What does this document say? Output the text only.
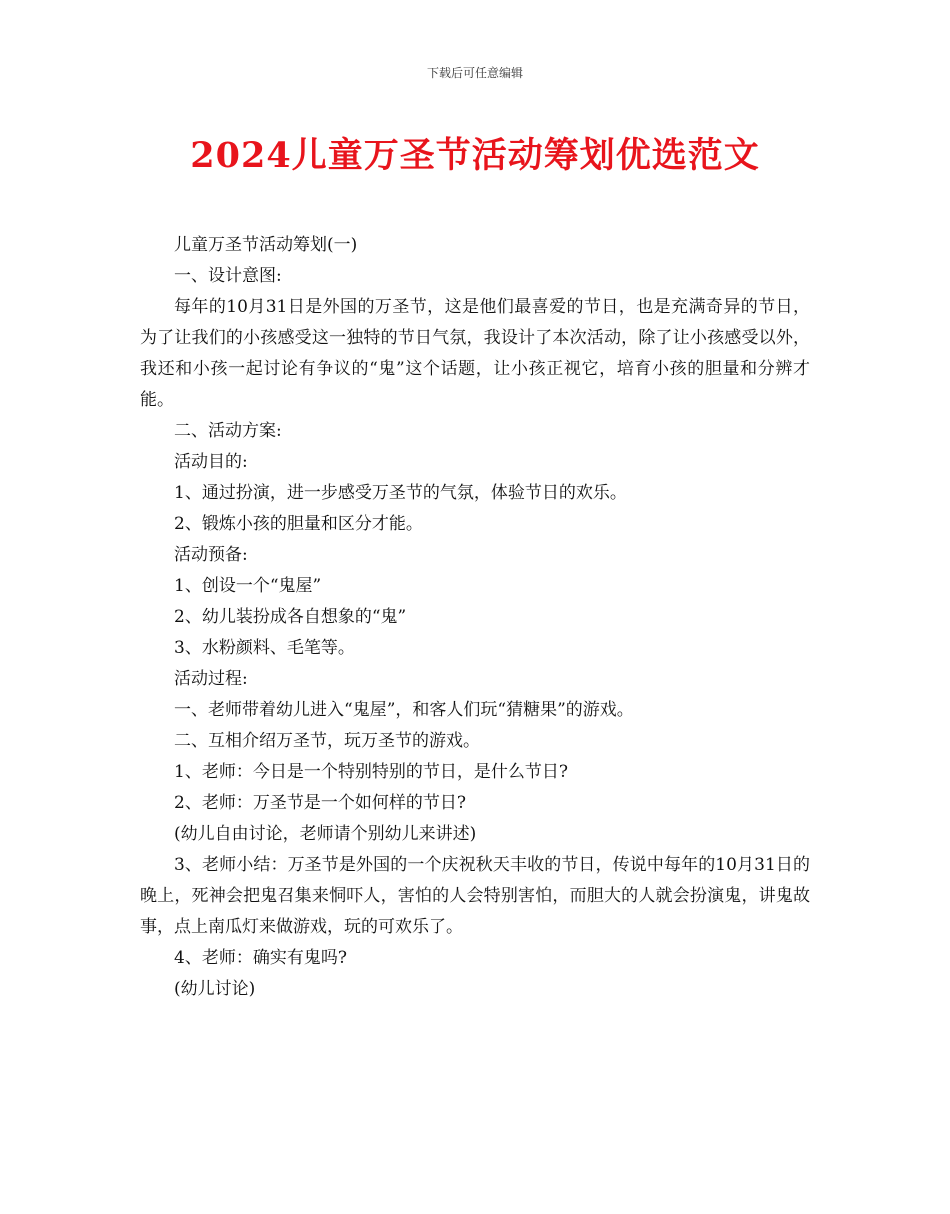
下载后可任意编辑
2024儿童万圣节活动筹划优选范文

儿童万圣节活动筹划(一)

一、设计意图:

每年的10月31日是外国的万圣节，这是他们最喜爱的节日，也是充满奇异的节日，为了让我们的小孩感受这一独特的节日气氛，我设计了本次活动，除了让小孩感受以外，我还和小孩一起讨论有争议的“鬼”这个话题，让小孩正视它，培育小孩的胆量和分辨才能。

二、活动方案:

活动目的:

1、通过扮演，进一步感受万圣节的气氛，体验节日的欢乐。

2、锻炼小孩的胆量和区分才能。

活动预备:

1、创设一个“鬼屋”

2、幼儿装扮成各自想象的“鬼”

3、水粉颜料、毛笔等。

活动过程:

一、老师带着幼儿进入“鬼屋”，和客人们玩“猜糖果”的游戏。

二、互相介绍万圣节，玩万圣节的游戏。

1、老师：今日是一个特别特别的节日，是什么节日?

2、老师：万圣节是一个如何样的节日?

(幼儿自由讨论，老师请个别幼儿来讲述)

3、老师小结：万圣节是外国的一个庆祝秋天丰收的节日，传说中每年的10月31日的晚上，死神会把鬼召集来恫吓人，害怕的人会特别害怕，而胆大的人就会扮演鬼，讲鬼故事，点上南瓜灯来做游戏，玩的可欢乐了。

4、老师：确实有鬼吗?

(幼儿讨论)
